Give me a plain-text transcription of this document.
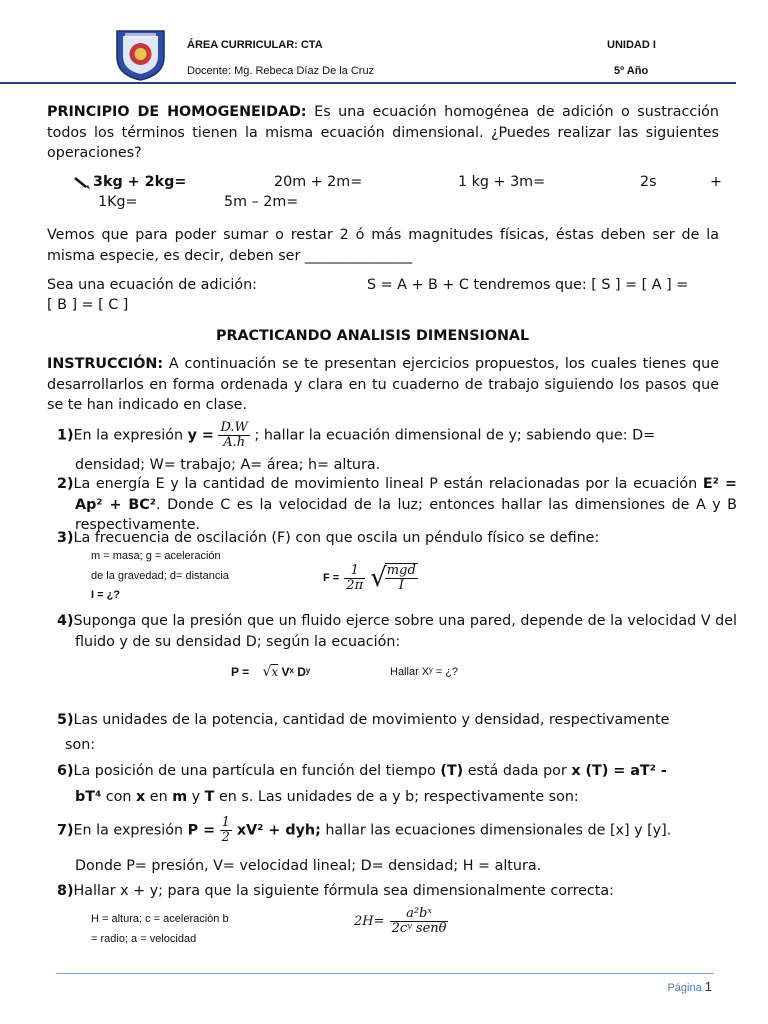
ÁREA CURRICULAR: CTA
Docente: Mg. Rebeca Díaz De la Cruz
UNIDAD I
5º Año
PRINCIPIO DE HOMOGENEIDAD: Es una ecuación homogénea de adición o sustracción todos los términos tienen la misma ecuación dimensional. ¿Puedes realizar las siguientes operaciones?
3kg + 2kg=	20m + 2m=	1 kg + 3m=	2s	+
1Kg=	5m – 2m=
Vemos que para poder sumar o restar 2 ó más magnitudes físicas, éstas deben ser de la misma especie, es decir, deben ser _______________
Sea una ecuación de adición:	S = A + B + C tendremos que: [ S ] = [ A ] =
[ B ] = [ C ]
PRACTICANDO ANALISIS DIMENSIONAL
INSTRUCCIÓN: A continuación se te presentan ejercicios propuestos, los cuales tienes que desarrollarlos en forma ordenada y clara en tu cuaderno de trabajo siguiendo los pasos que se te han indicado en clase.
1)En la expresión $y = \frac{D.W}{A.h}$ ; hallar la ecuación dimensional de y; sabiendo que: D=
densidad; W= trabajo; A= área; h= altura.
2)La energía E y la cantidad de movimiento lineal P están relacionadas por la ecuación E² = Ap² + BC². Donde C es la velocidad de la luz; entonces hallar las dimensiones de A y B respectivamente.
3)La frecuencia de oscilación (F) con que oscila un péndulo físico se define:
m = masa; g = aceleración
de la gravedad; d= distancia
I = ¿?
$F = \frac{1}{2\pi}$ √
$\frac{\text{mgd}}{I}$
4)Suponga que la presión que un fluido ejerce sobre una pared, depende de la velocidad V del fluido y de su densidad D; según la ecuación:
P = √x Vˣ Dʸ	Hallar Xʸ = ¿?
5)Las unidades de la potencia, cantidad de movimiento y densidad, respectivamente
son:
6)La posición de una partícula en función del tiempo (T) está dada por x (T) = aT² -
bT⁴ con x en m y T en s. Las unidades de a y b; respectivamente son:
7)En la expresión $P = \frac{1}{2} xV^2$ + dyh; hallar las ecuaciones dimensionales de [x] y [y].
Donde P= presión, V= velocidad lineal; D= densidad; H = altura.
8)Hallar x + y; para que la siguiente fórmula sea dimensionalmente correcta:
H = altura; c = aceleración b
= radio; a = velocidad
$2H= \frac{\text{a²bˣ}}{\text{2cʸ senθ}}$
Página 1
